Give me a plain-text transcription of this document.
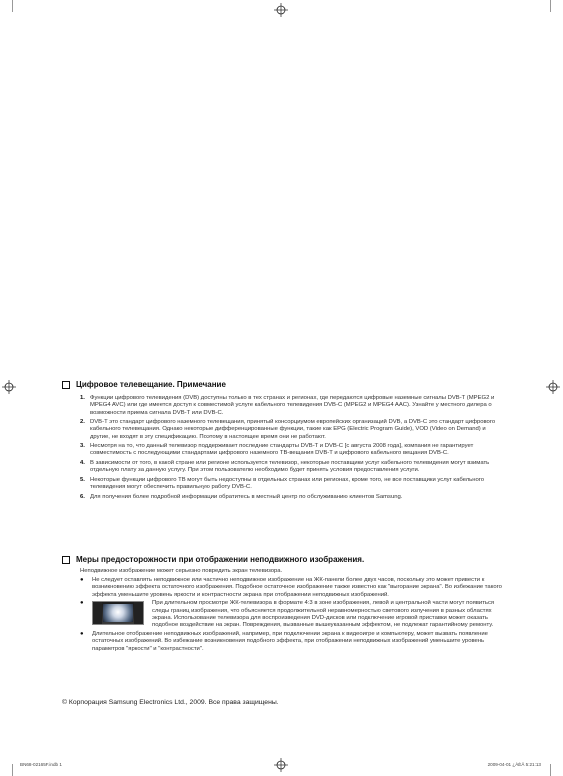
Цифровое телевещание. Примечание
1. Функции цифрового телевидения (DVB) доступны только в тех странах и регионах, где передаются цифровые наземные сигналы DVB-T (MPEG2 и MPEG4 AVC) или где имеется доступ к совместимой услуге кабельного телевидения DVB-C (MPEG2 и MPEG4 AAC). Узнайте у местного дилера о возможности приема сигнала DVB-T или DVB-C.
2. DVB-T это стандарт цифрового наземного телевещания, принятый консорциумом европейских организаций DVB, а DVB-C это стандарт цифрового кабельного телевещания. Однако некоторые дифференцированные функции, такие как EPG (Electric Program Guide), VOD (Video on Demand) и другие, не входят в эту спецификацию. Поэтому в настоящее время они не работают.
3. Несмотря на то, что данный телевизор поддерживает последние стандарты DVB-T и DVB-C [с августа 2008 года], компания не гарантирует совместимость с последующими стандартами цифрового наземного ТВ-вещания DVB-T и цифрового кабельного вещания DVB-C.
4. В зависимости от того, в какой стране или регионе используется телевизор, некоторые поставщики услуг кабельного телевидения могут взимать отдельную плату за данную услугу. При этом пользователю необходимо будет принять условия предоставления услуги.
5. Некоторые функции цифрового ТВ могут быть недоступны в отдельных странах или регионах, кроме того, не все поставщики услуг кабельного телевидения могут обеспечить правильную работу DVB-C.
6. Для получения более подробной информации обратитесь в местный центр по обслуживанию клиентов Samsung.
Меры предосторожности при отображении неподвижного изображения.
Неподвижное изображение может серьезно повредить экран телевизора.
●	Не следует оставлять неподвижное или частично неподвижное изображение на ЖК-панели более двух часов, поскольку это может привести к возникновению эффекта остаточного изображения. Подобное остаточное изображение также известно как "выгорание экрана". Во избежание такого эффекта уменьшите уровень яркости и контрастности экрана при отображении неподвижных изображений.
●	При длительном просмотре ЖК-телевизора в формате 4:3 в зоне изображения, левой и центральной части могут появиться следы границ изображения, что объясняется продолжительной неравномерностью светового излучения в разных областях экрана. Использование телевизора для воспроизведения DVD-дисков или подключение игровой приставки может оказать подобное воздействие на экран. Повреждения, вызванные вышеуказанным эффектом, не подлежат гарантийному ремонту.
●	Длительное отображение неподвижных изображений, например, при подключении экрана к видеоигре и компьютеру, может вызвать появление остаточных изображений. Во избежание возникновения подобного эффекта, при отображении неподвижных изображений уменьшите уровень параметров "яркости" и "контрастности".
© Корпорация Samsung Electronics Ltd., 2009. Все права защищены.
BN68-02165F.indb 1	2009-04-01 ¿ÀÈÄ 5:21:13
